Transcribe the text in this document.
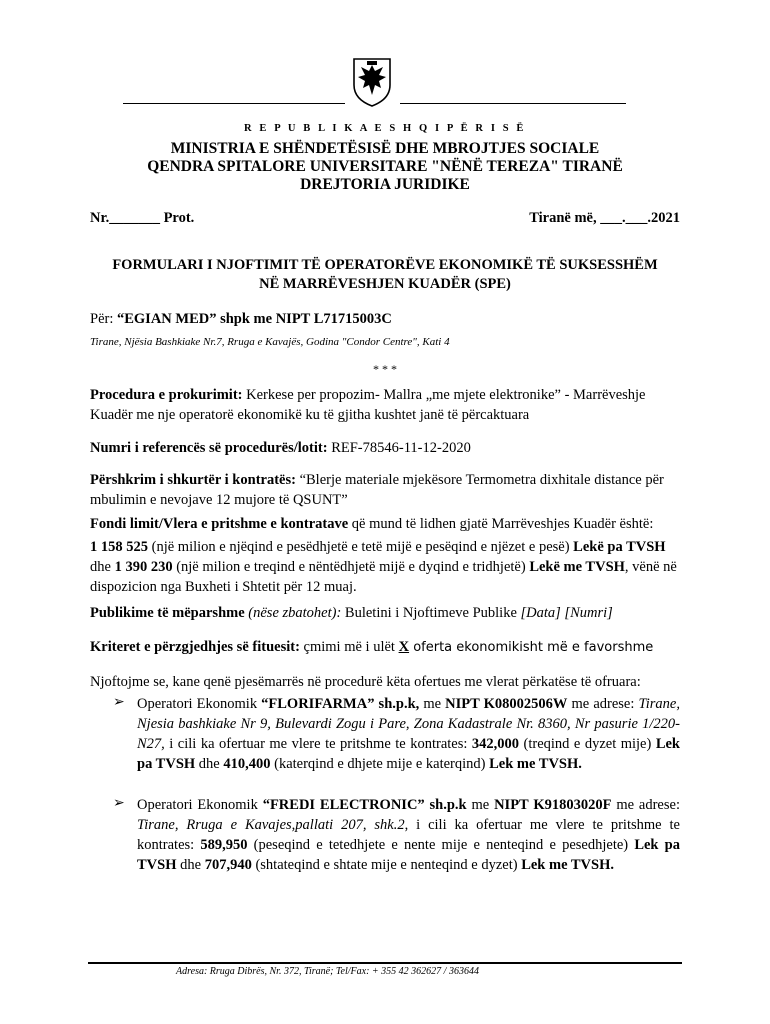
R E P U B L I K A E S H Q I P Ë R I S Ë
MINISTRIA E SHËNDETËSISË DHE MBROJTJES SOCIALE
QENDRA SPITALORE UNIVERSITARE "NËNË TEREZA" TIRANË
DREJTORIA JURIDIKE
Nr._______ Prot.	Tiranë më, ___.___.2021
FORMULARI I NJOFTIMIT TË OPERATORËVE EKONOMIKË TË SUKSESSHËM
NË MARRËVESHJEN KUADËR (SPE)
Për: “EGIAN MED” shpk me NIPT L71715003C
Tirane, Njësia Bashkiake Nr.7, Rruga e Kavajës, Godina "Condor Centre", Kati 4
* * *
Procedura e prokurimit: Kerkese per propozim- Mallra „me mjete elektronike” - Marrëveshje Kuadër me nje operatorë ekonomikë ku të gjitha kushtet janë të përcaktuara
Numri i referencës së procedurës/lotit: REF-78546-11-12-2020
Përshkrim i shkurtër i kontratës: “Blerje materiale mjekësore Termometra dixhitale distance për mbulimin e nevojave 12 mujore të QSUNT”
Fondi limit/Vlera e pritshme e kontratave që mund të lidhen gjatë Marrëveshjes Kuadër është:
1 158 525 (një milion e njëqind e pesëdhjetë e tetë mijë e pesëqind e njëzet e pesë) Lekë pa TVSH dhe 1 390 230 (një milion e treqind e nëntëdhjetë mijë e dyqind e tridhjetë) Lekë me TVSH, vënë në dispozicion nga Buxheti i Shtetit për 12 muaj.
Publikime të mëparshme (nëse zbatohet): Buletini i Njoftimeve Publike [Data] [Numri]
Kriteret e përzgjedhjes së fituesit: çmimi më i ulët X oferta ekonomikisht më e favorshme
Njoftojme se, kane qenë pjesëmarrës në procedurë këta ofertues me vlerat përkatëse të ofruara:
➢ Operatori Ekonomik “FLORIFARMA” sh.p.k, me NIPT K08002506W me adrese: Tirane, Njesia bashkiake Nr 9, Bulevardi Zogu i Pare, Zona Kadastrale Nr. 8360, Nr pasurie 1/220-N27, i cili ka ofertuar me vlere te pritshme te kontrates: 342,000 (treqind e dyzet mije) Lek pa TVSH dhe 410,400 (katerqind e dhjete mije e katerqind) Lek me TVSH.
➢ Operatori Ekonomik “FREDI ELECTRONIC” sh.p.k me NIPT K91803020F me adrese: Tirane, Rruga e Kavajes,pallati 207, shk.2, i cili ka ofertuar me vlere te pritshme te kontrates: 589,950 (peseqind e tetedhjete e nente mije e nenteqind e pesedhjete) Lek pa TVSH dhe 707,940 (shtateqind e shtate mije e nenteqind e dyzet) Lek me TVSH.
Adresa: Rruga Dibrës, Nr. 372, Tiranë; Tel/Fax: + 355 42 362627 / 363644
